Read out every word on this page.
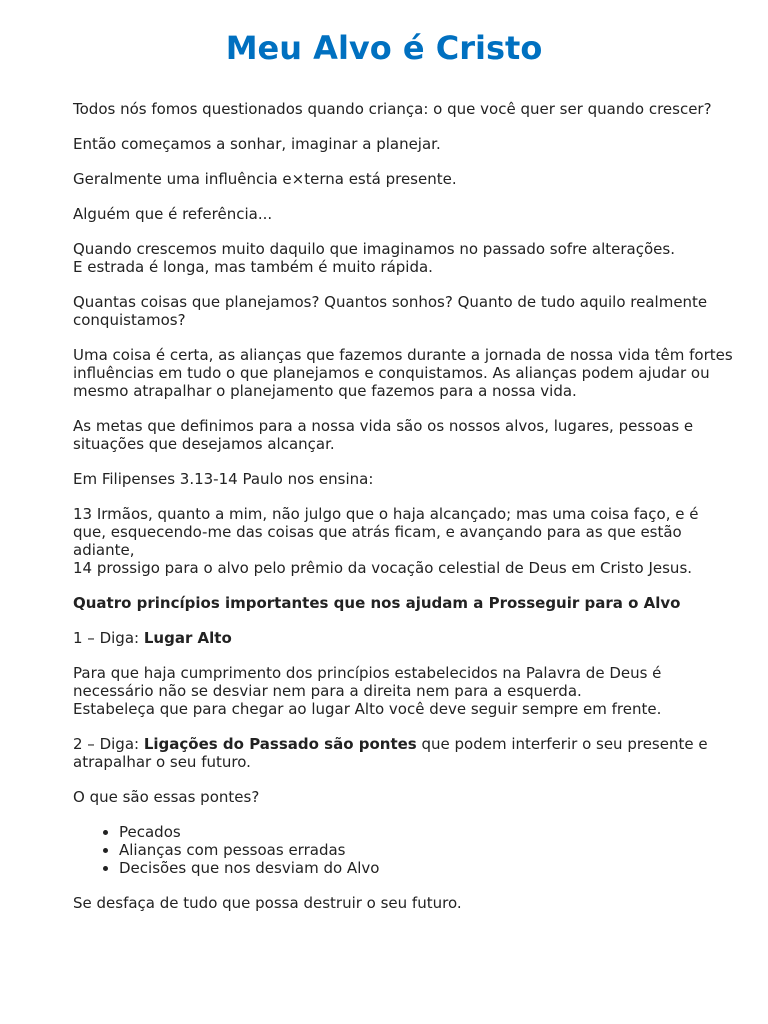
Meu Alvo é Cristo

Todos nós fomos questionados quando criança: o que você quer ser quando crescer?

Então começamos a sonhar, imaginar a planejar.

Geralmente uma influência e×terna está presente.

Alguém que é referência...

Quando crescemos muito daquilo que imaginamos no passado sofre alterações.
E estrada é longa, mas também é muito rápida.

Quantas coisas que planejamos? Quantos sonhos? Quanto de tudo aquilo realmente conquistamos?

Uma coisa é certa, as alianças que fazemos durante a jornada de nossa vida têm fortes influências em tudo o que planejamos e conquistamos. As alianças podem ajudar ou mesmo atrapalhar o planejamento que fazemos para a nossa vida.

As metas que definimos para a nossa vida são os nossos alvos, lugares, pessoas e situações que desejamos alcançar.

Em Filipenses 3.13-14 Paulo nos ensina:

13 Irmãos, quanto a mim, não julgo que o haja alcançado; mas uma coisa faço, e é que, esquecendo-me das coisas que atrás ficam, e avançando para as que estão adiante,
14 prossigo para o alvo pelo prêmio da vocação celestial de Deus em Cristo Jesus.

Quatro princípios importantes que nos ajudam a Prosseguir para o Alvo

1 – Diga: Lugar Alto

Para que haja cumprimento dos princípios estabelecidos na Palavra de Deus é necessário não se desviar nem para a direita nem para a esquerda.
Estabeleça que para chegar ao lugar Alto você deve seguir sempre em frente.

2 – Diga: Ligações do Passado são pontes que podem interferir o seu presente e atrapalhar o seu futuro.

O que são essas pontes?

• Pecados
• Alianças com pessoas erradas
• Decisões que nos desviam do Alvo

Se desfaça de tudo que possa destruir o seu futuro.
